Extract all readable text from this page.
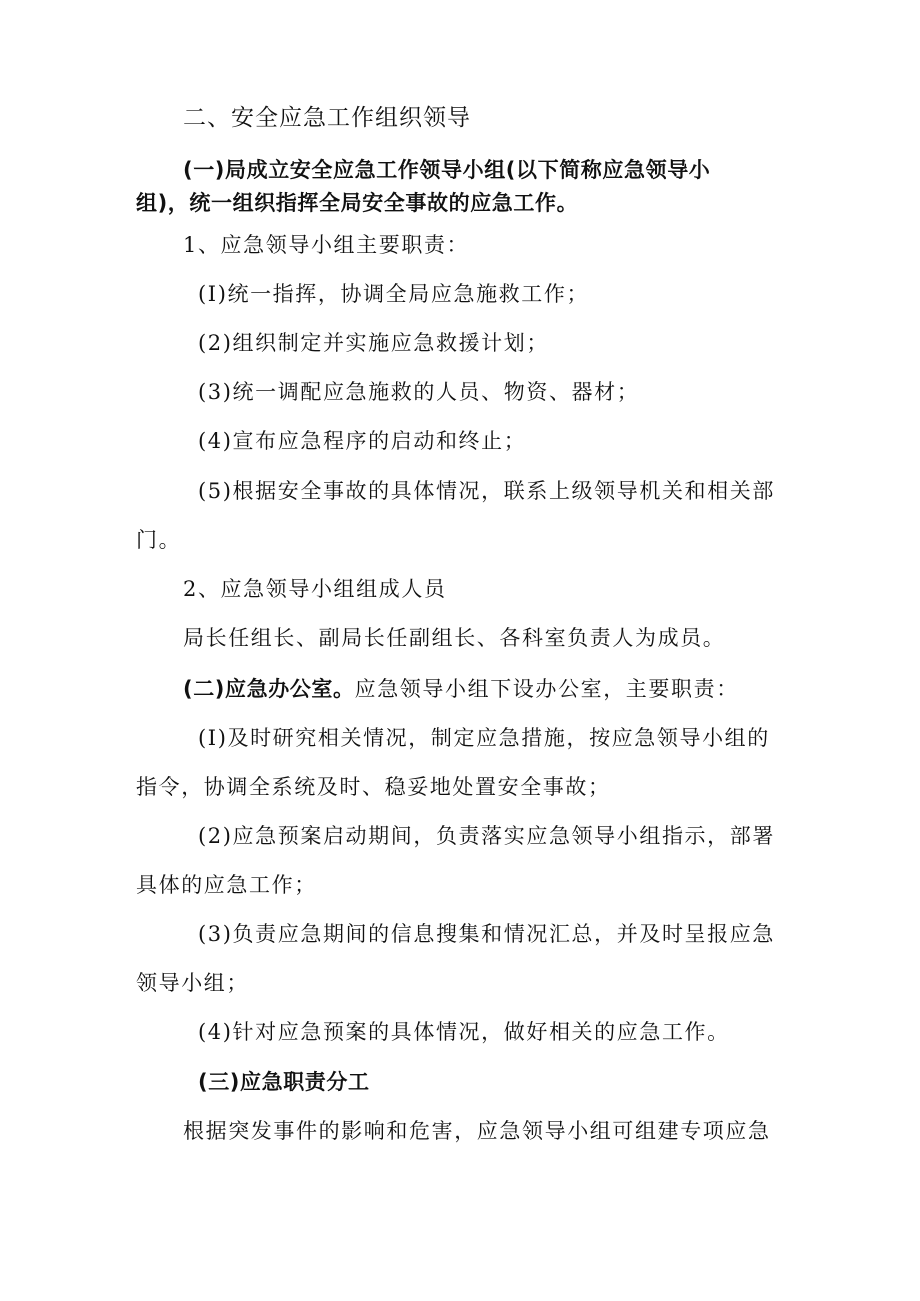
二、安全应急工作组织领导
(一)局成立安全应急工作领导小组(以下简称应急领导小
组)，统一组织指挥全局安全事故的应急工作。
1、应急领导小组主要职责：
(I)统一指挥，协调全局应急施救工作；
(2)组织制定并实施应急救援计划；
(3)统一调配应急施救的人员、物资、器材；
(4)宣布应急程序的启动和终止；
(5)根据安全事故的具体情况，联系上级领导机关和相关部
门。
2、应急领导小组组成人员
局长任组长、副局长任副组长、各科室负责人为成员。
(二)应急办公室。应急领导小组下设办公室，主要职责：
(I)及时研究相关情况，制定应急措施，按应急领导小组的
指令，协调全系统及时、稳妥地处置安全事故；
(2)应急预案启动期间，负责落实应急领导小组指示，部署
具体的应急工作；
(3)负责应急期间的信息搜集和情况汇总，并及时呈报应急
领导小组；
(4)针对应急预案的具体情况，做好相关的应急工作。
(三)应急职责分工
根据突发事件的影响和危害，应急领导小组可组建专项应急
